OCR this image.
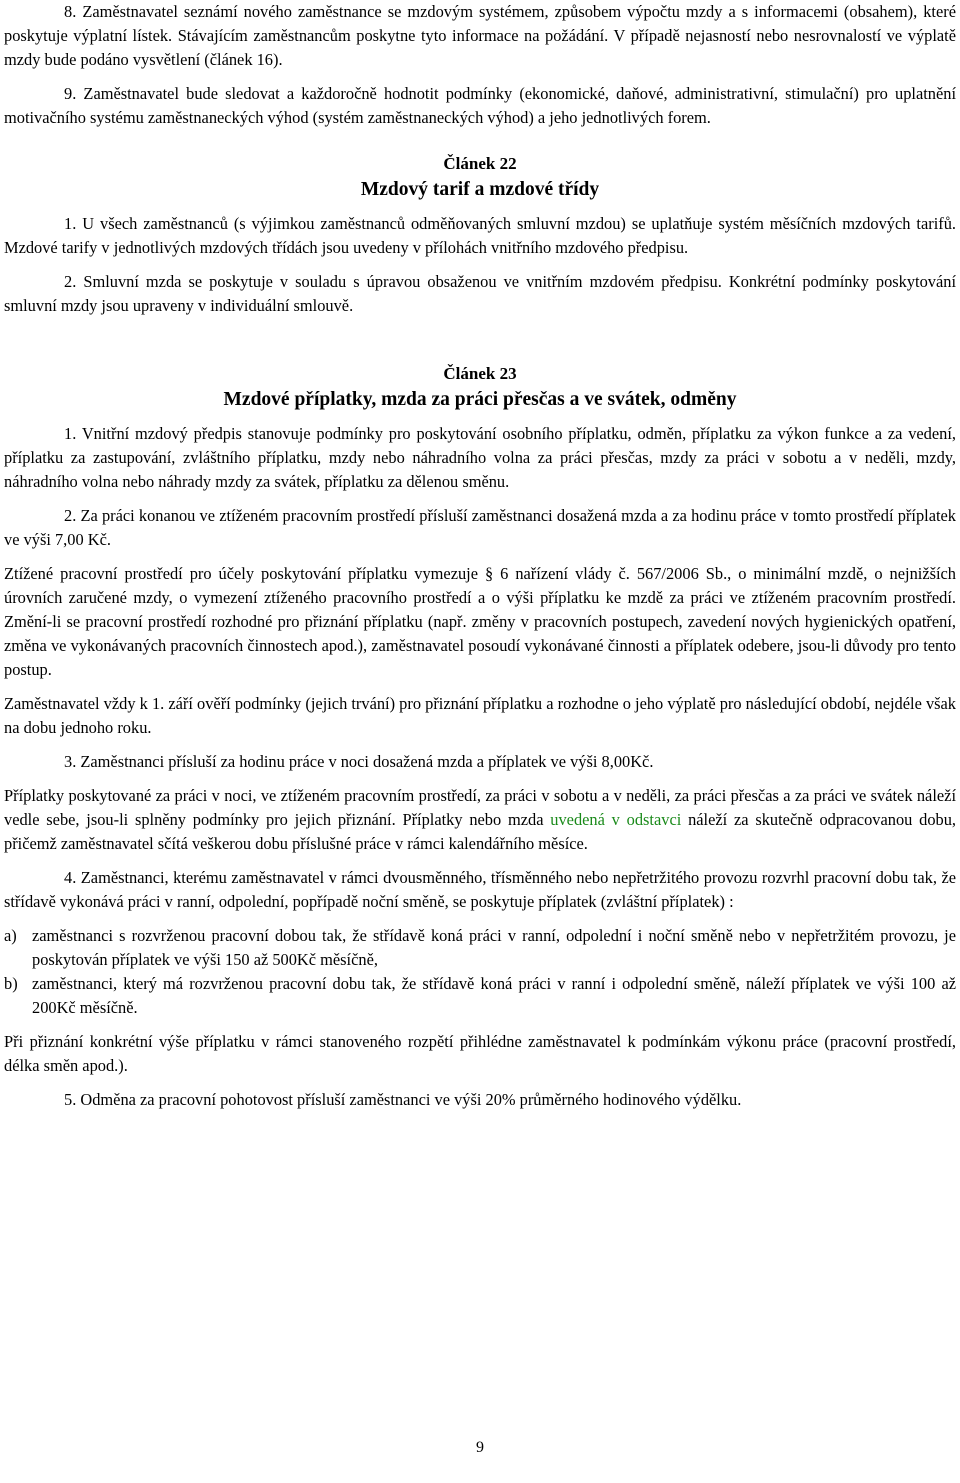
8. Zaměstnavatel seznámí nového zaměstnance se mzdovým systémem, způsobem výpočtu mzdy a s informacemi (obsahem), které poskytuje výplatní lístek. Stávajícím zaměstnancům poskytne tyto informace na požádání. V případě nejasností nebo nesrovnalostí ve výplatě mzdy bude podáno vysvětlení (článek 16).

9. Zaměstnavatel bude sledovat a každoročně hodnotit podmínky (ekonomické, daňové, administrativní, stimulační) pro uplatnění motivačního systému zaměstnaneckých výhod (systém zaměstnaneckých výhod) a jeho jednotlivých forem.

Článek 22

Mzdový tarif a mzdové třídy

1. U všech zaměstnanců (s výjimkou zaměstnanců odměňovaných smluvní mzdou) se uplatňuje systém měsíčních mzdových tarifů. Mzdové tarify v jednotlivých mzdových třídách jsou uvedeny v přílohách vnitřního mzdového předpisu.

2. Smluvní mzda se poskytuje v souladu s úpravou obsaženou ve vnitřním mzdovém předpisu. Konkrétní podmínky poskytování smluvní mzdy jsou upraveny v individuální smlouvě.

Článek 23

Mzdové příplatky, mzda za práci přesčas a ve svátek, odměny

1. Vnitřní mzdový předpis stanovuje podmínky pro poskytování osobního příplatku, odměn, příplatku za výkon funkce a za vedení, příplatku za zastupování, zvláštního příplatku, mzdy nebo náhradního volna za práci přesčas, mzdy za práci v sobotu a v neděli, mzdy, náhradního volna nebo náhrady mzdy za svátek, příplatku za dělenou směnu.

2. Za práci konanou ve ztíženém pracovním prostředí přísluší zaměstnanci dosažená mzda a za hodinu práce v tomto prostředí příplatek ve výši 7,00 Kč.

Ztížené pracovní prostředí pro účely poskytování příplatku vymezuje § 6 nařízení vlády č. 567/2006 Sb., o minimální mzdě, o nejnižších úrovních zaručené mzdy, o vymezení ztíženého pracovního prostředí a o výši příplatku ke mzdě za práci ve ztíženém pracovním prostředí. Změní-li se pracovní prostředí rozhodné pro přiznání příplatku (např. změny v pracovních postupech, zavedení nových hygienických opatření, změna ve vykonávaných pracovních činnostech apod.), zaměstnavatel posoudí vykonávané činnosti a příplatek odebere, jsou-li důvody pro tento postup.

Zaměstnavatel vždy k 1. září ověří podmínky (jejich trvání) pro přiznání příplatku a rozhodne o jeho výplatě pro následující období, nejdéle však na dobu jednoho roku.

3. Zaměstnanci přísluší za hodinu práce v noci dosažená mzda a příplatek ve výši 8,00Kč.

Příplatky poskytované za práci v noci, ve ztíženém pracovním prostředí, za práci v sobotu a v neděli, za práci přesčas a za práci ve svátek náleží vedle sebe, jsou-li splněny podmínky pro jejich přiznání. Příplatky nebo mzda uvedená v odstavci náleží za skutečně odpracovanou dobu, přičemž zaměstnavatel sčítá veškerou dobu příslušné práce v rámci kalendářního měsíce.

4. Zaměstnanci, kterému zaměstnavatel v rámci dvousměnného, třísměnného nebo nepřetržitého provozu rozvrhl pracovní dobu tak, že střídavě vykonává práci v ranní, odpolední, popřípadě noční směně, se poskytuje příplatek (zvláštní příplatek) :

a) zaměstnanci s rozvrženou pracovní dobou tak, že střídavě koná práci v ranní, odpolední i noční směně nebo v nepřetržitém provozu, je poskytován příplatek ve výši 150 až 500Kč měsíčně,
b) zaměstnanci, který má rozvrženou pracovní dobu tak, že střídavě koná práci v ranní i odpolední směně, náleží příplatek ve výši 100 až 200Kč měsíčně.

Při přiznání konkrétní výše příplatku v rámci stanoveného rozpětí přihlédne zaměstnavatel k podmínkám výkonu práce (pracovní prostředí, délka směn apod.).

5. Odměna za pracovní pohotovost přísluší zaměstnanci ve výši 20% průměrného hodinového výdělku.

9
